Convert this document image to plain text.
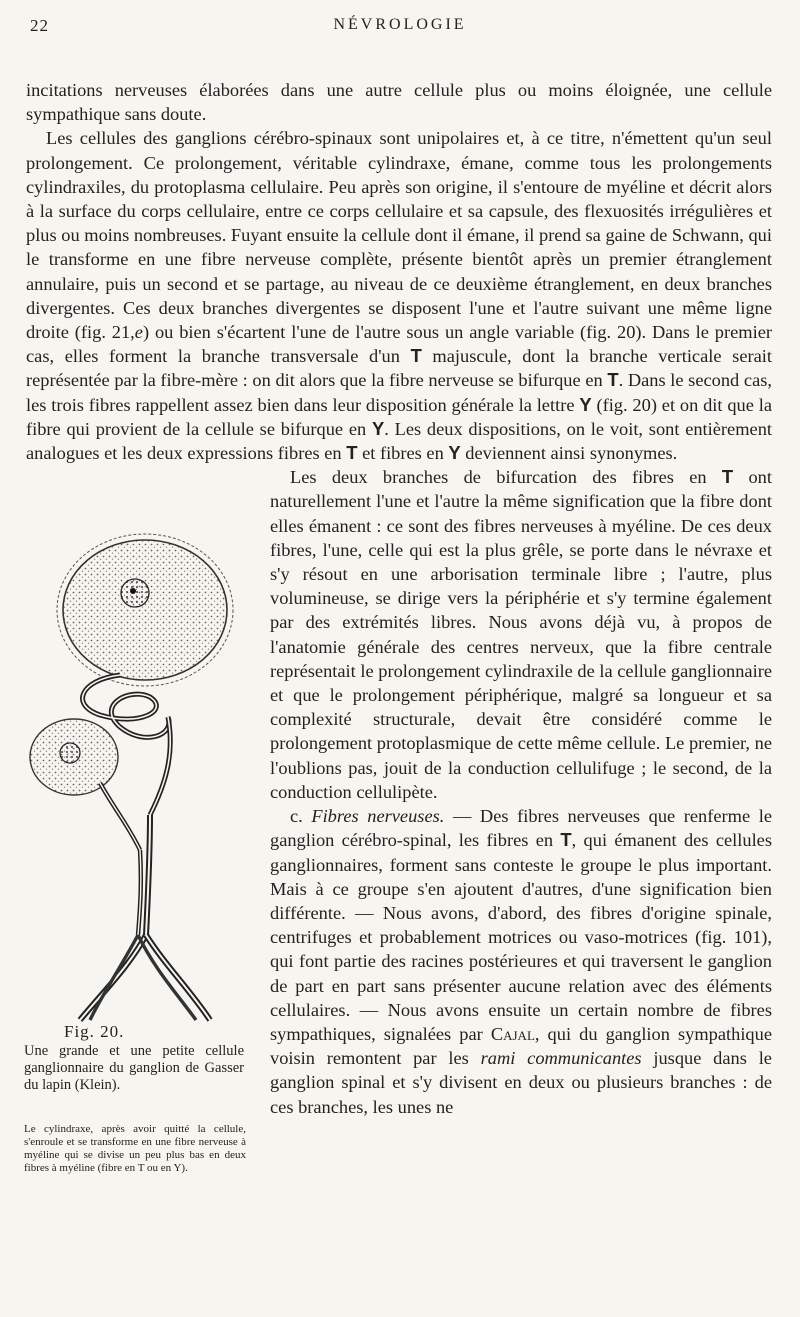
22	NÉVROLOGIE

incitations nerveuses élaborées dans une autre cellule plus ou moins éloignée, une cellule sympathique sans doute.

Les cellules des ganglions cérébro-spinaux sont unipolaires et, à ce titre, n'émettent qu'un seul prolongement. Ce prolongement, véritable cylindraxe, émane, comme tous les prolongements cylindraxiles, du protoplasma cellulaire. Peu après son origine, il s'entoure de myéline et décrit alors à la surface du corps cellulaire, entre ce corps cellulaire et sa capsule, des flexuosités irrégulières et plus ou moins nombreuses. Fuyant ensuite la cellule dont il émane, il prend sa gaine de Schwann, qui le transforme en une fibre nerveuse complète, présente bientôt après un premier étranglement annulaire, puis un second et se partage, au niveau de ce deuxième étranglement, en deux branches divergentes. Ces deux branches divergentes se disposent l'une et l'autre suivant une même ligne droite (fig. 21,e) ou bien s'écartent l'une de l'autre sous un angle variable (fig. 20). Dans le premier cas, elles forment la branche transversale d'un T majuscule, dont la branche verticale serait représentée par la fibre-mère : on dit alors que la fibre nerveuse se bifurque en T. Dans le second cas, les trois fibres rappellent assez bien dans leur disposition générale la lettre Y (fig. 20) et on dit que la fibre qui provient de la cellule se bifurque en Y. Les deux dispositions, on le voit, sont entièrement analogues et les deux expressions fibres en T et fibres en Y deviennent ainsi synonymes.

Fig. 20.
Une grande et une petite cellule ganglionnaire du ganglion de Gasser du lapin (Klein).
Le cylindraxe, après avoir quitté la cellule, s'enroule et se transforme en une fibre nerveuse à myéline qui se divise un peu plus bas en deux fibres à myéline (fibre en T ou en Y).

Les deux branches de bifurcation des fibres en T ont naturellement l'une et l'autre la même signification que la fibre dont elles émanent : ce sont des fibres nerveuses à myéline. De ces deux fibres, l'une, celle qui est la plus grêle, se porte dans le névraxe et s'y résout en une arborisation terminale libre ; l'autre, plus volumineuse, se dirige vers la périphérie et s'y termine également par des extrémités libres. Nous avons déjà vu, à propos de l'anatomie générale des centres nerveux, que la fibre centrale représentait le prolongement cylindraxile de la cellule ganglionnaire et que le prolongement périphérique, malgré sa longueur et sa complexité structurale, devait être considéré comme le prolongement protoplasmique de cette même cellule. Le premier, ne l'oublions pas, jouit de la conduction cellulifuge ; le second, de la conduction cellulipète.

c. Fibres nerveuses. — Des fibres nerveuses que renferme le ganglion cérébro-spinal, les fibres en T, qui émanent des cellules ganglionnaires, forment sans conteste le groupe le plus important. Mais à ce groupe s'en ajoutent d'autres, d'une signification bien différente. — Nous avons, d'abord, des fibres d'origine spinale, centrifuges et probablement motrices ou vaso-motrices (fig. 101), qui font partie des racines postérieures et qui traversent le ganglion de part en part sans présenter aucune relation avec des éléments cellulaires. — Nous avons ensuite un certain nombre de fibres sympathiques, signalées par Cajal, qui du ganglion sympathique voisin remontent par les rami communicantes jusque dans le ganglion spinal et s'y divisent en deux ou plusieurs branches : de ces branches, les unes ne
